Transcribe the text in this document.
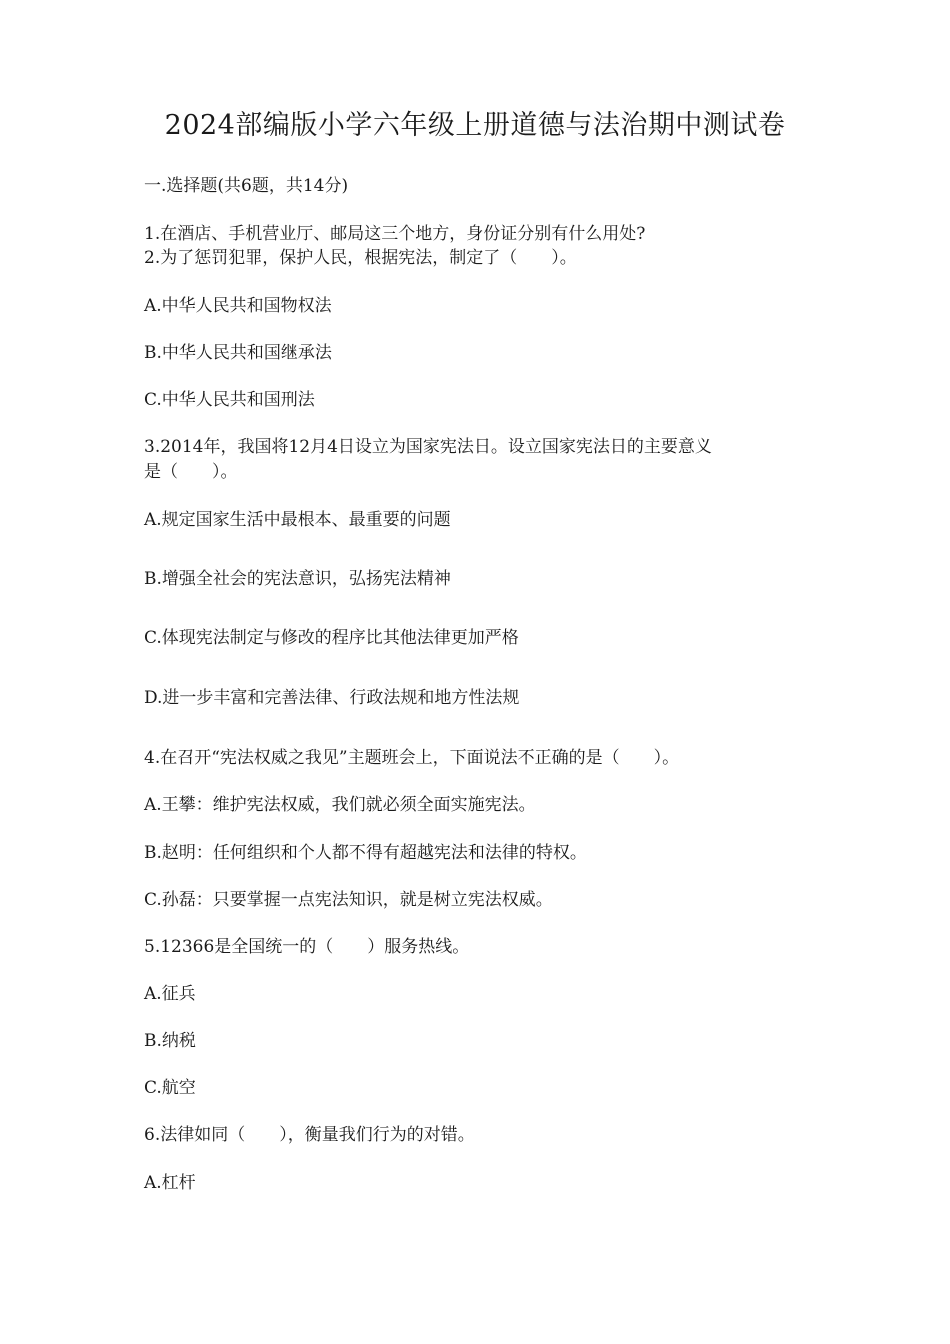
2024部编版小学六年级上册道德与法治期中测试卷
一.选择题(共6题，共14分)
1.在酒店、手机营业厅、邮局这三个地方，身份证分别有什么用处?
2.为了惩罚犯罪，保护人民，根据宪法，制定了（　　）。
A.中华人民共和国物权法
B.中华人民共和国继承法
C.中华人民共和国刑法
3.2014年，我国将12月4日设立为国家宪法日。设立国家宪法日的主要意义
是（　　）。
A.规定国家生活中最根本、最重要的问题
B.增强全社会的宪法意识，弘扬宪法精神
C.体现宪法制定与修改的程序比其他法律更加严格
D.进一步丰富和完善法律、行政法规和地方性法规
4.在召开“宪法权威之我见”主题班会上，下面说法不正确的是（　　）。
A.王攀：维护宪法权威，我们就必须全面实施宪法。
B.赵明：任何组织和个人都不得有超越宪法和法律的特权。
C.孙磊：只要掌握一点宪法知识，就是树立宪法权威。
5.12366是全国统一的（　　）服务热线。
A.征兵
B.纳税
C.航空
6.法律如同（　　），衡量我们行为的对错。
A.杠杆
